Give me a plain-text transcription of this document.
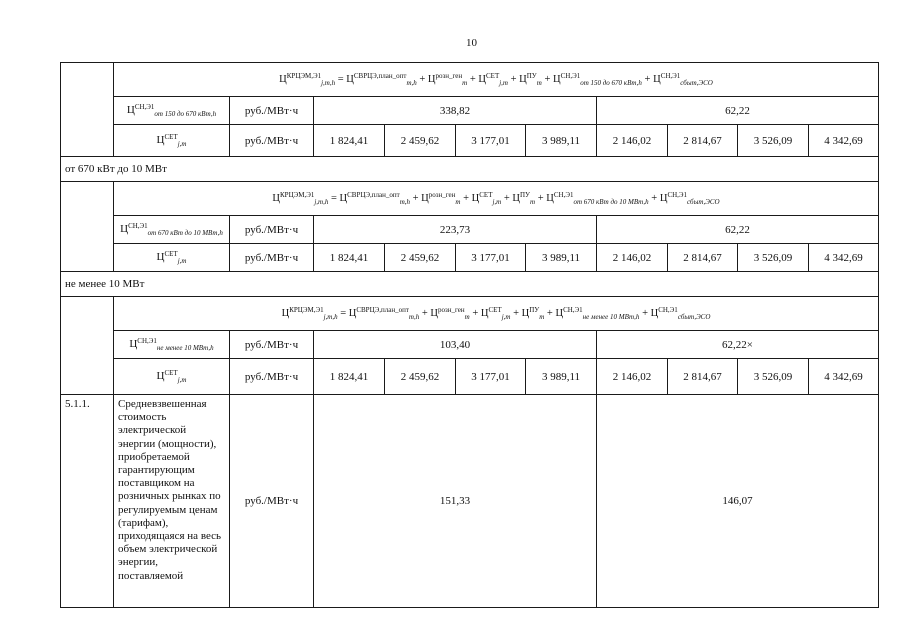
10
	$Ц^{КРЦЭМ,Э1}_{j,m,h} = Ц^{СВРЦЭ,план\_опт}_{m,h} + Ц^{розн\_ген}_m + Ц^{СЕТ}_{j,m} + Ц^{ПУ}_m + Ц^{СН,Э1}_{от 150 до 670 кВт,h} + Ц^{СН,Э1}_{сбыт,ЭСО}$
	$Ц^{СН,Э1}_{от 150 до 670 кВт,h}$	руб./МВт·ч	338,82				62,22			
	$Ц^{СЕТ}_{j,m}$	руб./МВт·ч	1 824,41	2 459,62	3 177,01	3 989,11	2 146,02	2 814,67	3 526,09	4 342,69
от 670 кВт до 10 МВт										
	$Ц^{КРЦЭМ,Э1}_{j,m,h} = Ц^{СВРЦЭ,план\_опт}_{m,h} + Ц^{розн\_ген}_m + Ц^{СЕТ}_{j,m} + Ц^{ПУ}_m + Ц^{СН,Э1}_{от 670 кВт до 10 МВт,h} + Ц^{СН,Э1}_{сбыт,ЭСО}$
	$Ц^{СН,Э1}_{от 670 кВт до 10 МВт,h}$	руб./МВт·ч	223,73				62,22			
	$Ц^{СЕТ}_{j,m}$	руб./МВт·ч	1 824,41	2 459,62	3 177,01	3 989,11	2 146,02	2 814,67	3 526,09	4 342,69
не менее 10 МВт										
	$Ц^{КРЦЭМ,Э1}_{j,m,h} = Ц^{СВРЦЭ,план\_опт}_{m,h} + Ц^{розн\_ген}_m + Ц^{СЕТ}_{j,m} + Ц^{ПУ}_m + Ц^{СН,Э1}_{не менее 10 МВт,h} + Ц^{СН,Э1}_{сбыт,ЭСО}$
	$Ц^{СН,Э1}_{не менее 10 МВт,h}$	руб./МВт·ч	103,40				62,22×			
	$Ц^{СЕТ}_{j,m}$	руб./МВт·ч	1 824,41	2 459,62	3 177,01	3 989,11	2 146,02	2 814,67	3 526,09	4 342,69
5.1.1.	Средневзвешенная стоимость электрической энергии (мощности), приобретаемой гарантирующим поставщиком на розничных рынках по регулируемым ценам (тарифам), приходящаяся на весь объем электрической энергии, поставляемой	руб./МВт·ч	151,33				146,07			
